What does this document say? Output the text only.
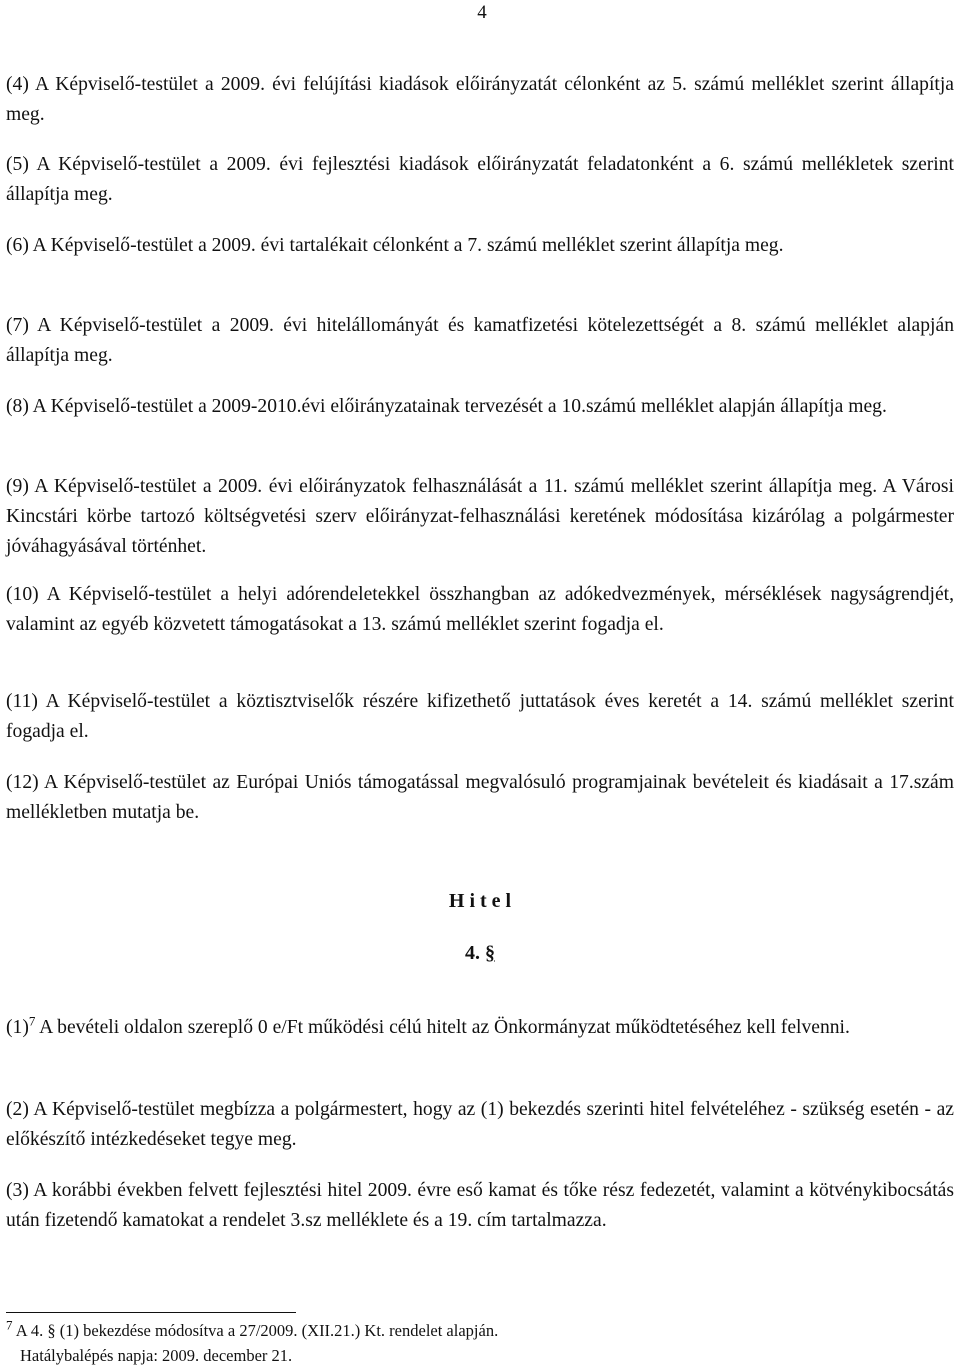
4

(4) A Képviselő-testület a 2009. évi felújítási kiadások előirányzatát célonként az 5. számú melléklet szerint állapítja meg.

(5) A Képviselő-testület a 2009. évi fejlesztési kiadások előirányzatát feladatonként a 6. számú mellékletek szerint állapítja meg.

(6) A Képviselő-testület a 2009. évi tartalékait célonként a 7. számú melléklet szerint állapítja meg.

(7) A Képviselő-testület a 2009. évi hitelállományát és kamatfizetési kötelezettségét a 8. számú melléklet alapján állapítja meg.

(8) A Képviselő-testület a 2009-2010.évi előirányzatainak tervezését a 10.számú melléklet alapján állapítja meg.

(9) A Képviselő-testület a 2009. évi előirányzatok felhasználását a 11. számú melléklet szerint állapítja meg. A Városi Kincstári körbe tartozó költségvetési szerv előirányzat-felhasználási keretének módosítása kizárólag a polgármester jóváhagyásával történhet.

(10) A Képviselő-testület a helyi adórendeletekkel összhangban az adókedvezmények, mérséklések nagyságrendjét, valamint az egyéb közvetett támogatásokat a 13. számú melléklet szerint fogadja el.

(11) A Képviselő-testület a köztisztviselők részére kifizethető juttatások éves keretét a 14. számú melléklet szerint fogadja el.

(12) A Képviselő-testület az Európai Uniós támogatással megvalósuló programjainak bevételeit és kiadásait a 17.szám mellékletben mutatja be.

H i t e l
4. §

$(1)^7$ A bevételi oldalon szereplő 0 e/Ft működési célú hitelt az Önkormányzat működtetéséhez kell felvenni.

(2) A Képviselő-testület megbízza a polgármestert, hogy az (1) bekezdés szerinti hitel felvételéhez - szükség esetén - az előkészítő intézkedéseket tegye meg.

(3) A korábbi években felvett fejlesztési hitel 2009. évre eső kamat és tőke rész fedezetét, valamint a kötvénykibocsátás után fizetendő kamatokat a rendelet 3.sz melléklete és a 19. cím tartalmazza.

$^7$ A 4. § (1) bekezdése módosítva a 27/2009. (XII.21.) Kt. rendelet alapján.
Hatálybalépés napja: 2009. december 21.
